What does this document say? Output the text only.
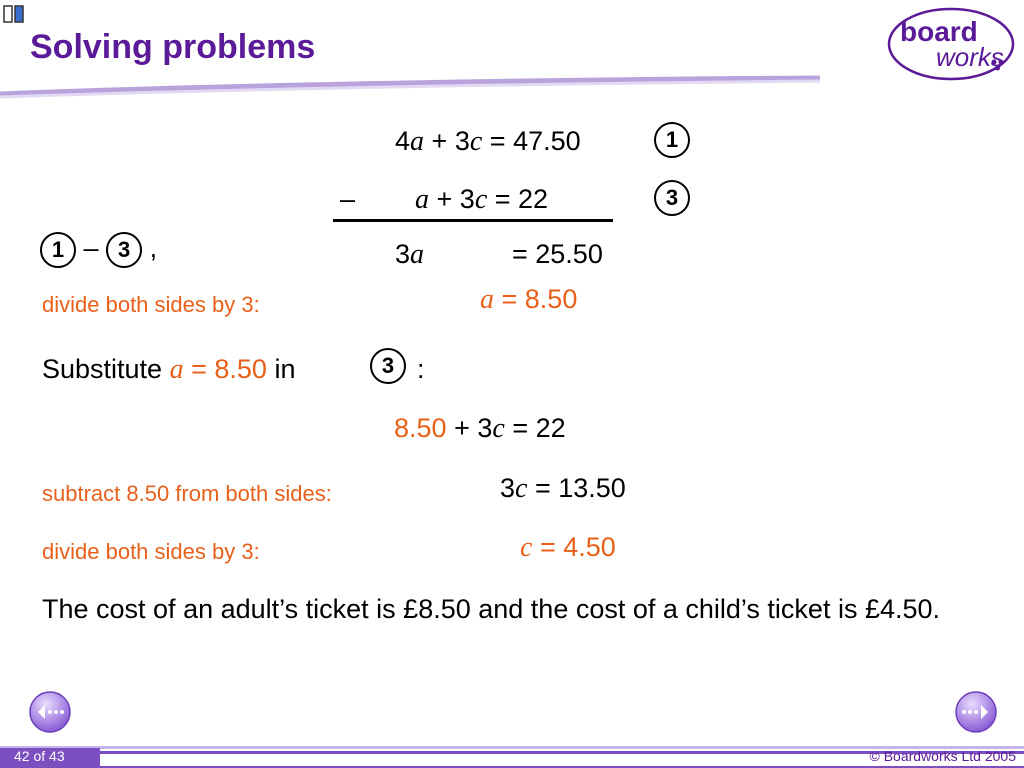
Solving problems	board
works
4a + 3c = 47.50	1
– a + 3c = 22	3
1 – 3 ,	3a	= 25.50
divide both sides by 3:	a = 8.50
Substitute a = 8.50 in	3 :
8.50 + 3c = 22
subtract 8.50 from both sides:	3c = 13.50
divide both sides by 3:	c = 4.50
The cost of an adult’s ticket is £8.50 and the cost of a child’s ticket is £4.50.
42 of 43	© Boardworks Ltd 2005
